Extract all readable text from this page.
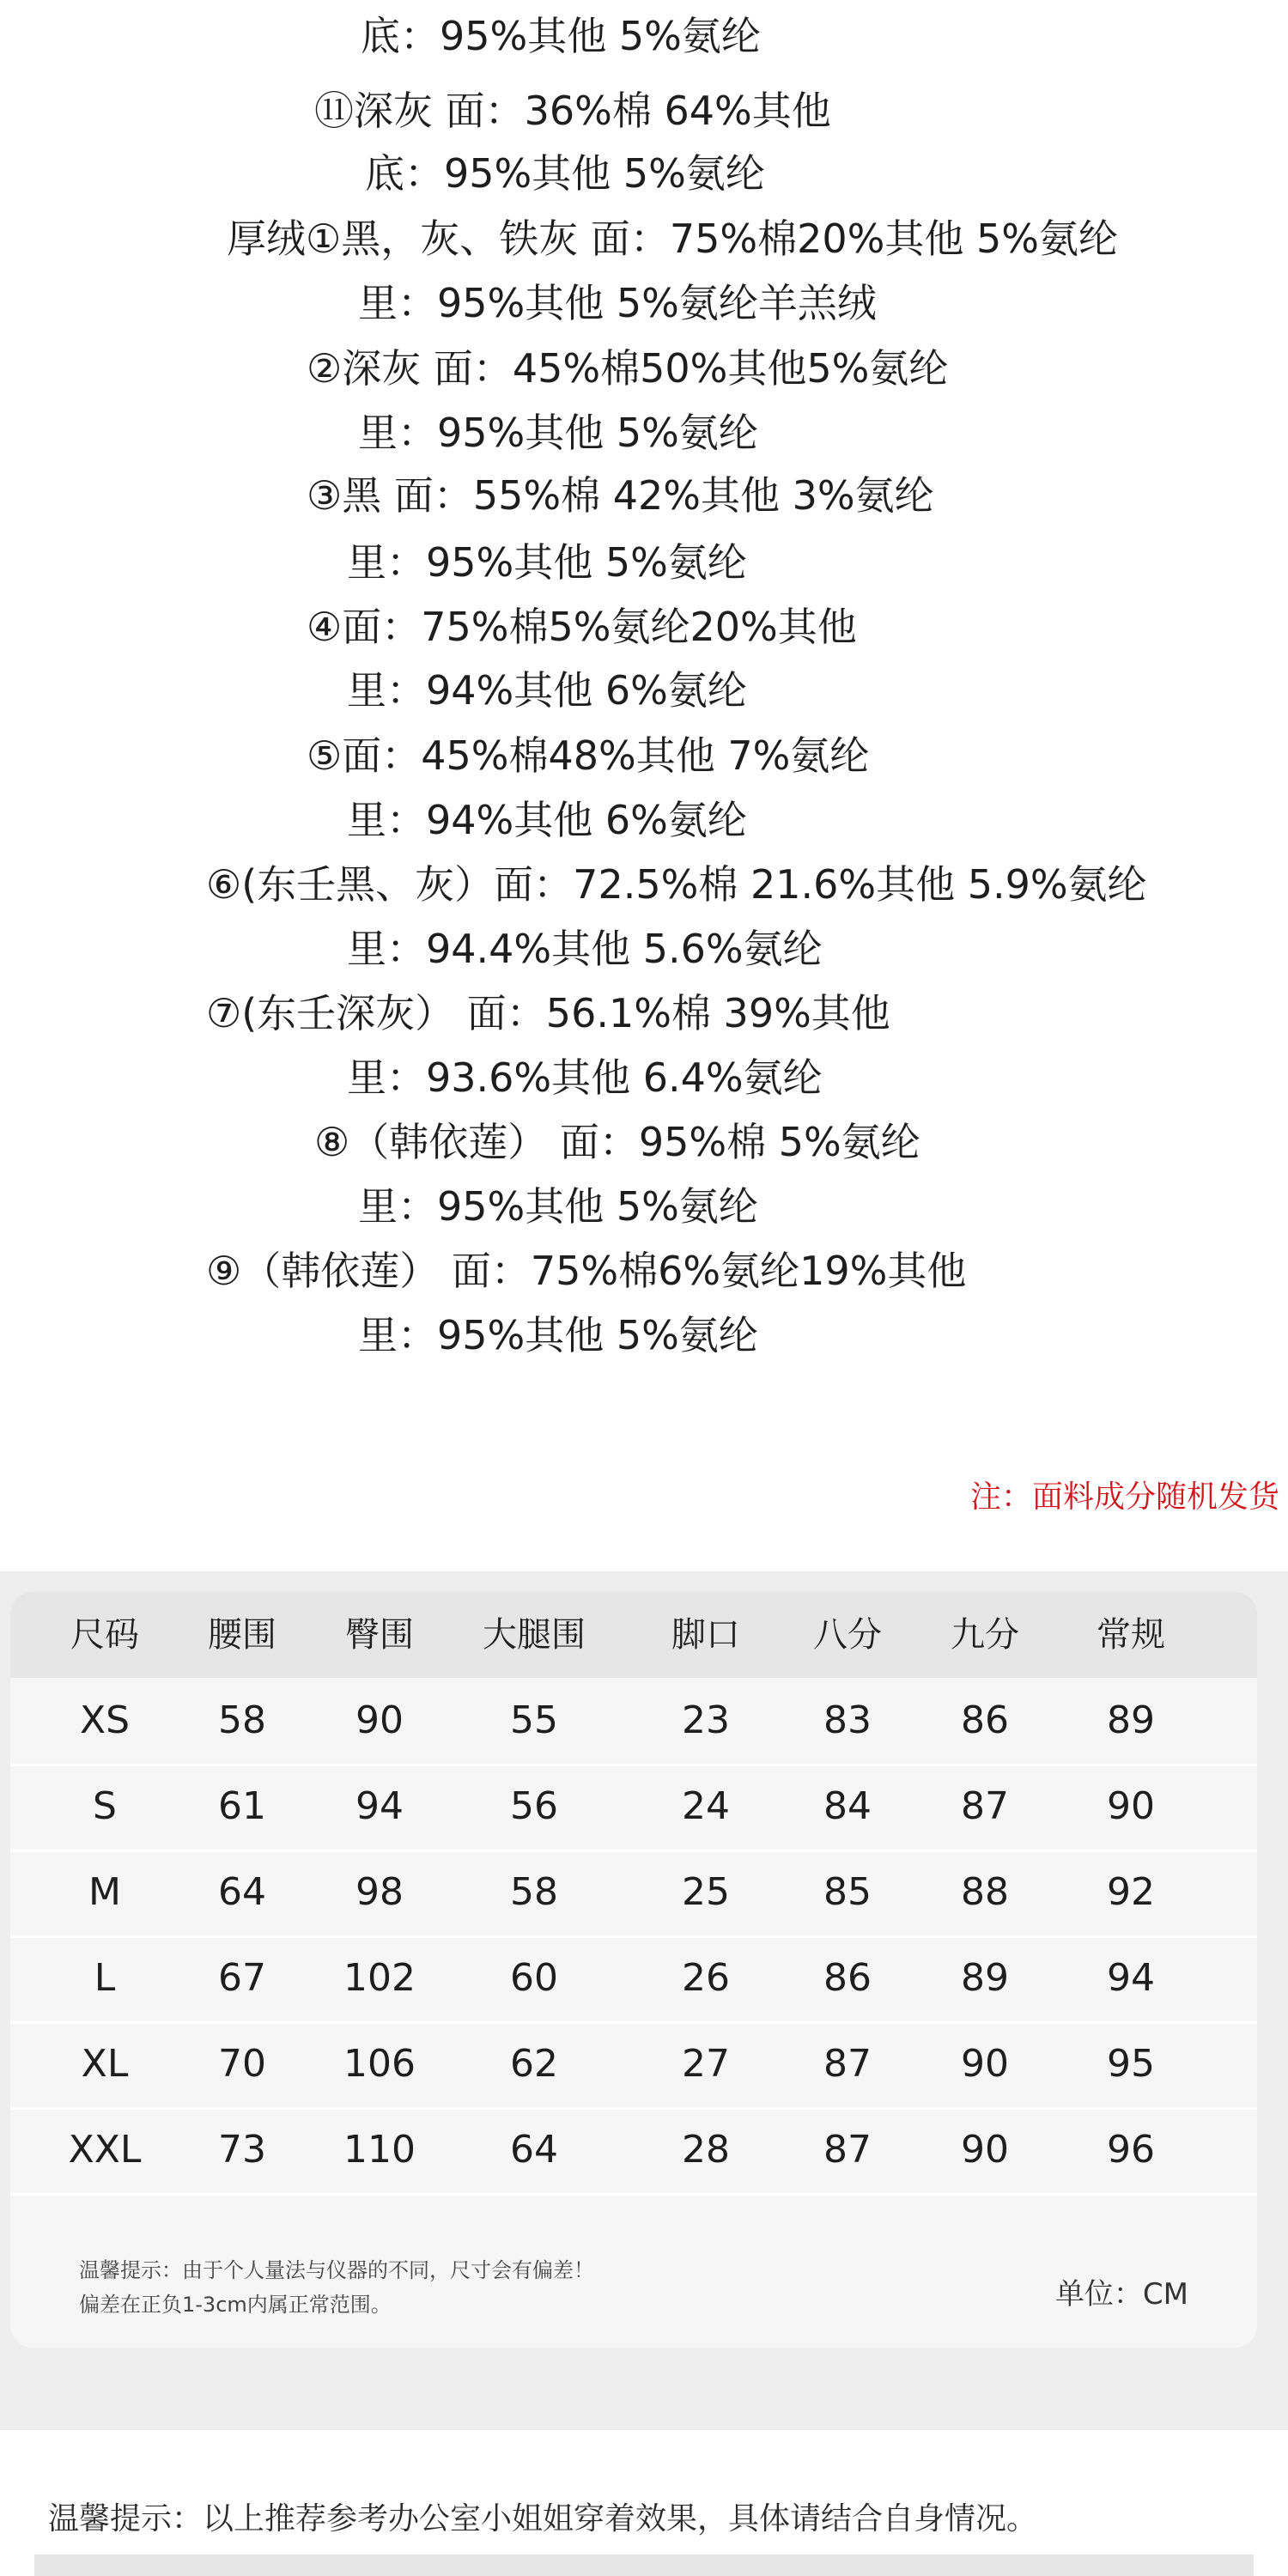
底：95%其他 5%氨纶
⑪深灰 面：36%棉 64%其他
底：95%其他 5%氨纶
厚绒①黑，灰、铁灰 面：75%棉20%其他 5%氨纶
里：95%其他 5%氨纶羊羔绒
②深灰 面：45%棉50%其他5%氨纶
里：95%其他 5%氨纶
③黑 面：55%棉 42%其他 3%氨纶
里：95%其他 5%氨纶
④面：75%棉5%氨纶20%其他
里：94%其他 6%氨纶
⑤面：45%棉48%其他 7%氨纶
里：94%其他 6%氨纶
⑥(东壬黑、灰）面：72.5%棉 21.6%其他 5.9%氨纶
里：94.4%其他 5.6%氨纶
⑦(东壬深灰） 面：56.1%棉 39%其他
里：93.6%其他 6.4%氨纶
⑧（韩依莲） 面：95%棉 5%氨纶
里：95%其他 5%氨纶
⑨（韩依莲） 面：75%棉6%氨纶19%其他
里：95%其他 5%氨纶
注：面料成分随机发货
尺码	腰围	臀围	大腿围	脚口	八分	九分	常规
XS	58	90	55	23	83	86	89
S	61	94	56	24	84	87	90
M	64	98	58	25	85	88	92
L	67	102	60	26	86	89	94
XL	70	106	62	27	87	90	95
XXL	73	110	64	28	87	90	96
温馨提示：由于个人量法与仪器的不同，尺寸会有偏差！
偏差在正负1-3cm内属正常范围。	单位：CM
温馨提示：以上推荐参考办公室小姐姐穿着效果，具体请结合自身情况。
